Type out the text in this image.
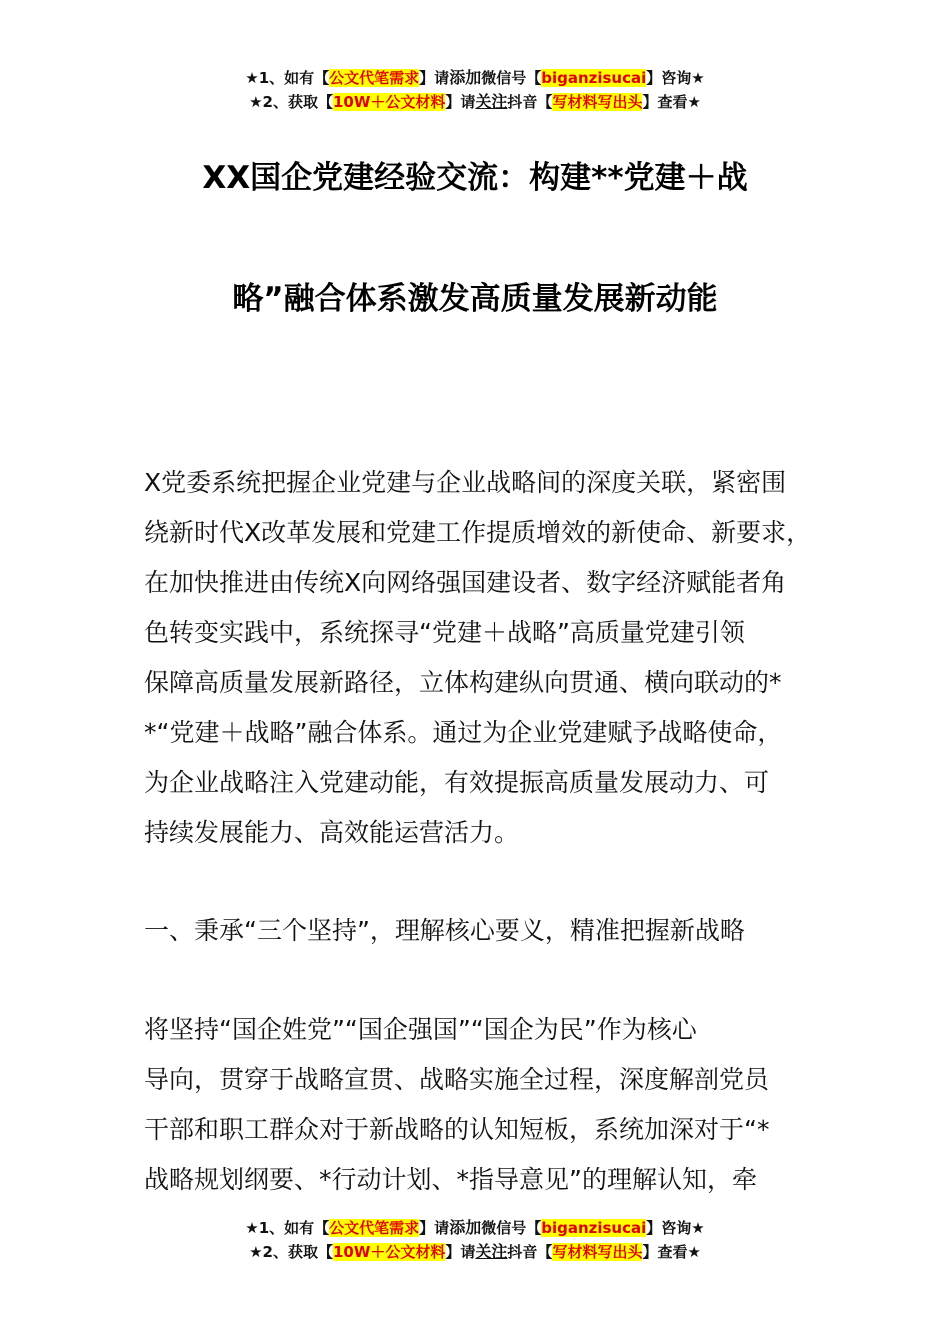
★1、如有【公文代笔需求】请添加微信号【biganzisucai】咨询★
★2、获取【10W＋公文材料】请关注抖音【写材料写出头】查看★
XX国企党建经验交流：构建**党建＋战
略”融合体系激发高质量发展新动能
X党委系统把握企业党建与企业战略间的深度关联，紧密围
绕新时代X改革发展和党建工作提质增效的新使命、新要求，
在加快推进由传统X向网络强国建设者、数字经济赋能者角
色转变实践中，系统探寻“党建＋战略”高质量党建引领
保障高质量发展新路径，立体构建纵向贯通、横向联动的*
*“党建＋战略”融合体系。通过为企业党建赋予战略使命，
为企业战略注入党建动能，有效提振高质量发展动力、可
持续发展能力、高效能运营活力。
一、秉承“三个坚持”，理解核心要义，精准把握新战略
将坚持“国企姓党”“国企强国”“国企为民”作为核心
导向，贯穿于战略宣贯、战略实施全过程，深度解剖党员
干部和职工群众对于新战略的认知短板，系统加深对于“*
战略规划纲要、*行动计划、*指导意见”的理解认知，牵
★1、如有【公文代笔需求】请添加微信号【biganzisucai】咨询★
★2、获取【10W＋公文材料】请关注抖音【写材料写出头】查看★
